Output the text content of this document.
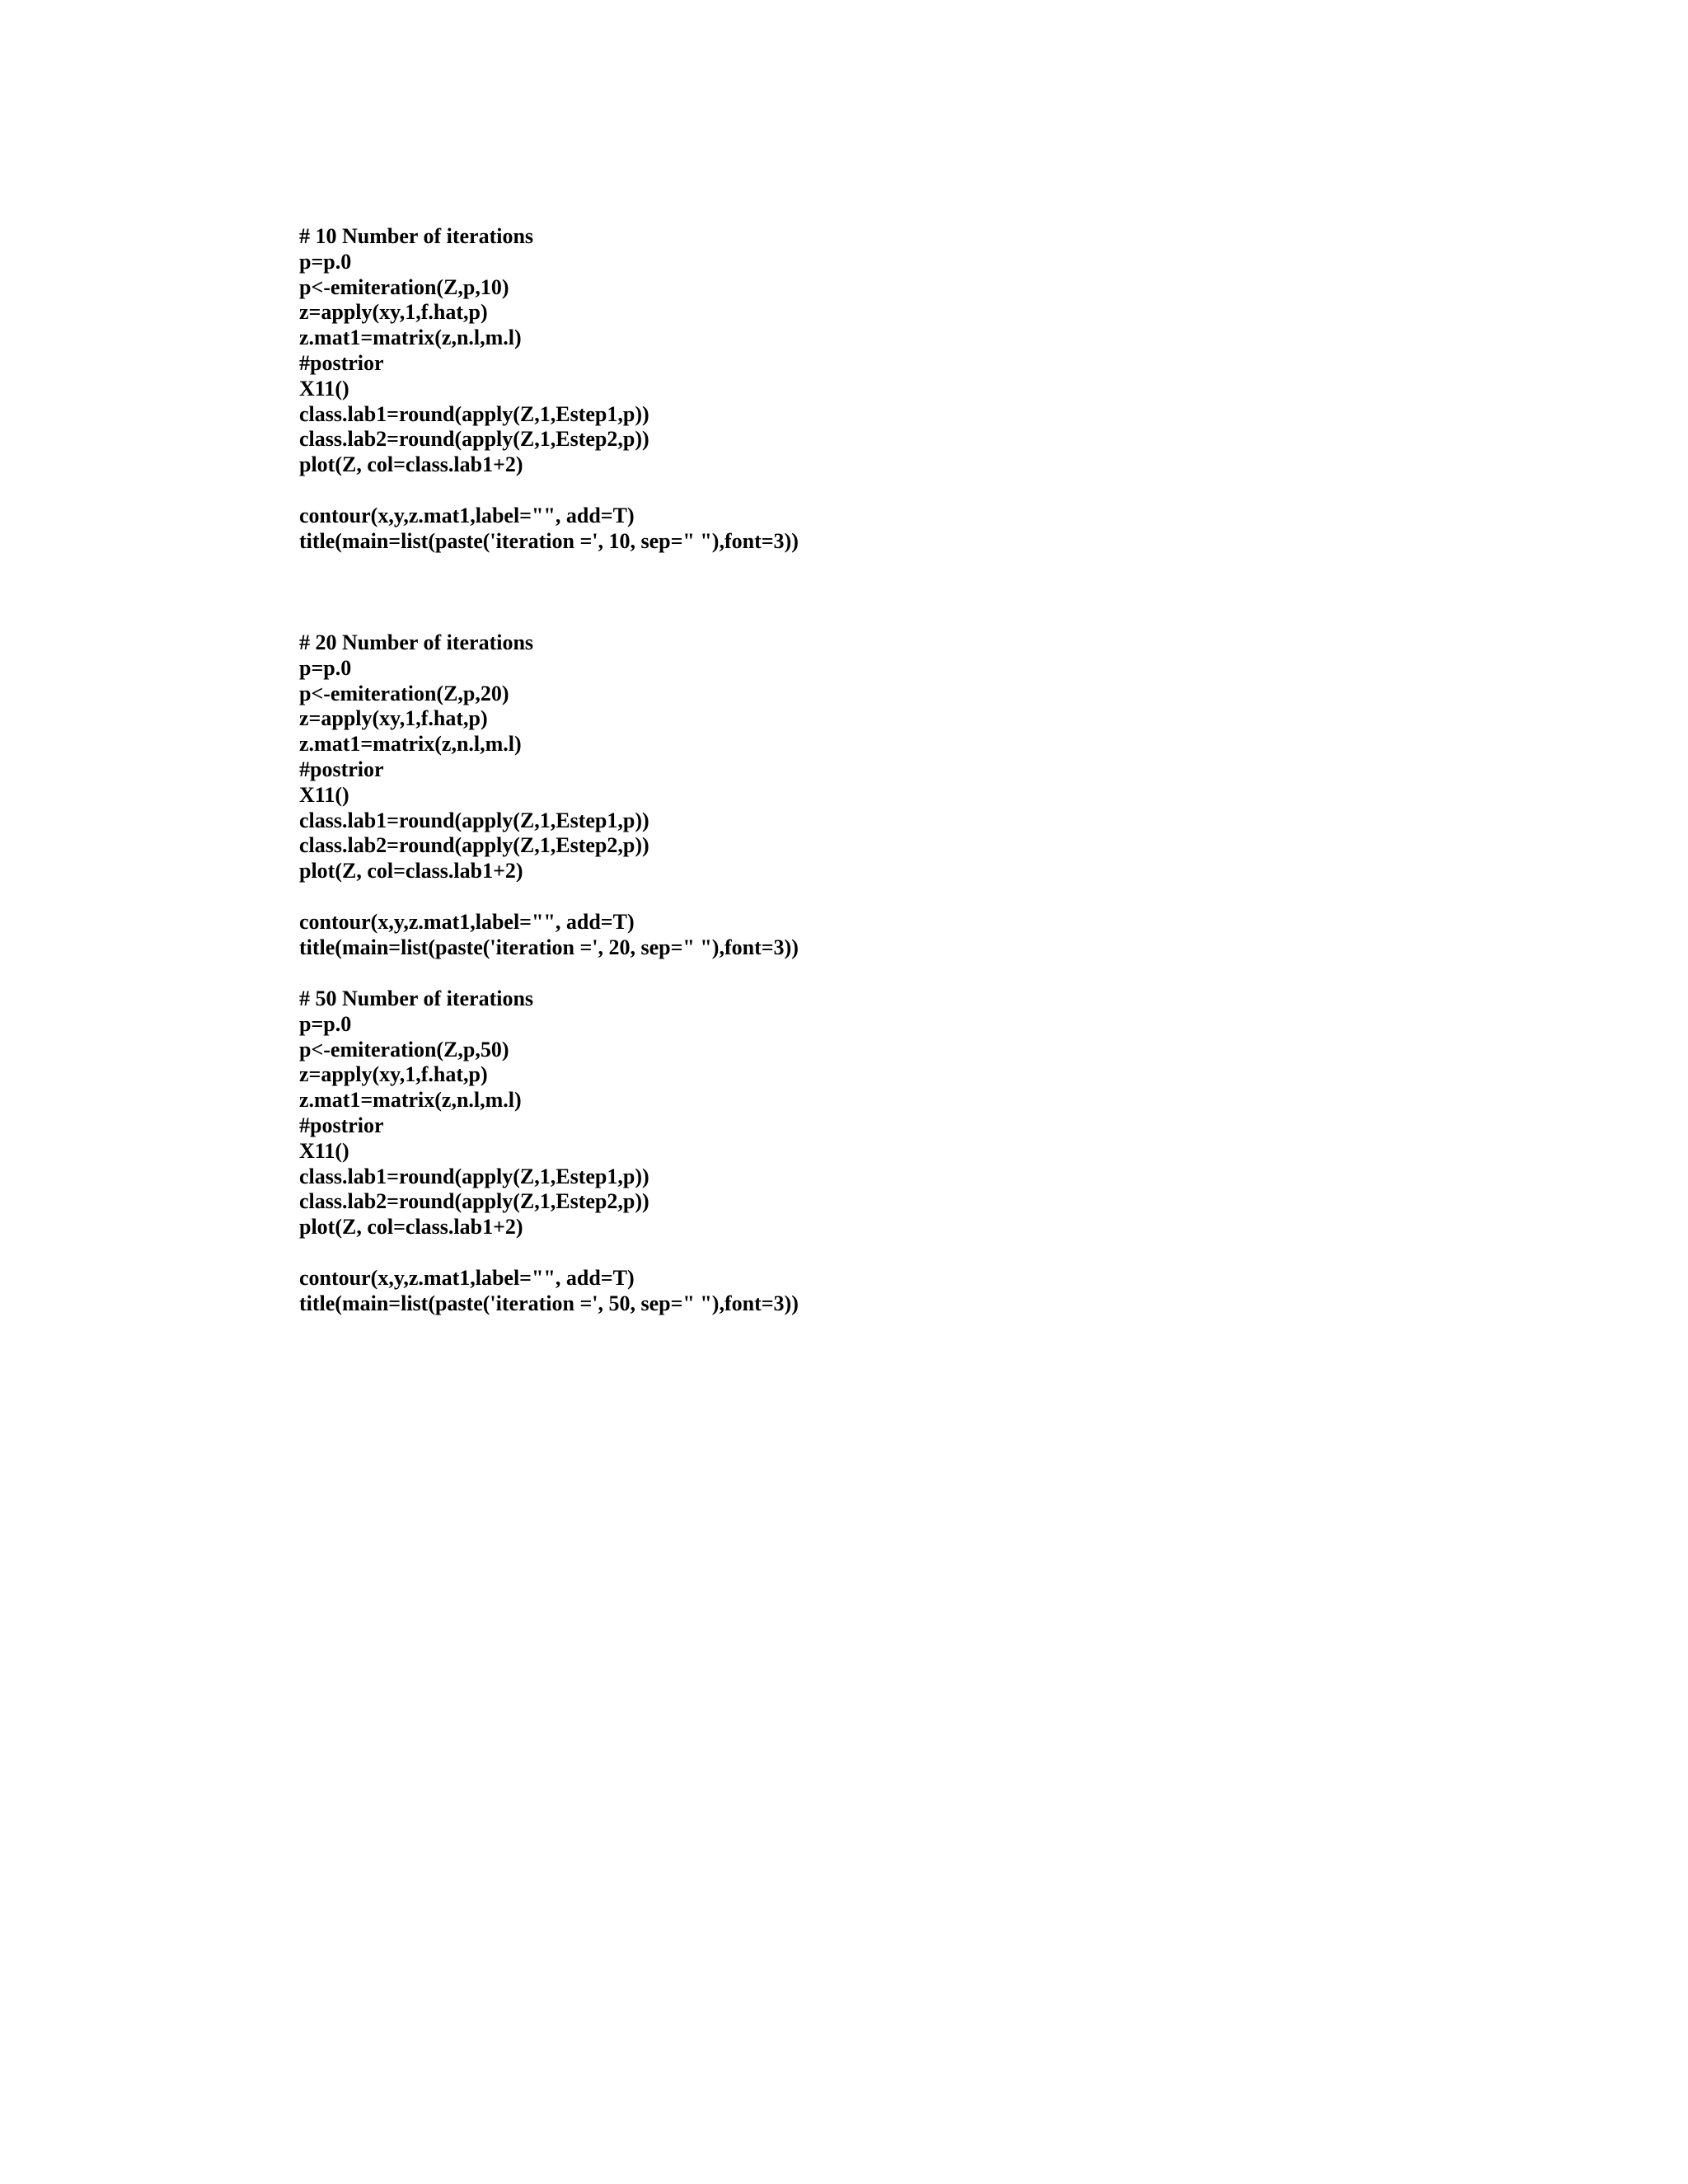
# 10 Number of iterations
p=p.0
p<-emiteration(Z,p,10)
z=apply(xy,1,f.hat,p)
z.mat1=matrix(z,n.l,m.l)
#postrior
X11()
class.lab1=round(apply(Z,1,Estep1,p))
class.lab2=round(apply(Z,1,Estep2,p))
plot(Z, col=class.lab1+2)
contour(x,y,z.mat1,label="", add=T)
title(main=list(paste('iteration =', 10, sep=" "),font=3))
# 20 Number of iterations
p=p.0
p<-emiteration(Z,p,20)
z=apply(xy,1,f.hat,p)
z.mat1=matrix(z,n.l,m.l)
#postrior
X11()
class.lab1=round(apply(Z,1,Estep1,p))
class.lab2=round(apply(Z,1,Estep2,p))
plot(Z, col=class.lab1+2)
contour(x,y,z.mat1,label="", add=T)
title(main=list(paste('iteration =', 20, sep=" "),font=3))
# 50 Number of iterations
p=p.0
p<-emiteration(Z,p,50)
z=apply(xy,1,f.hat,p)
z.mat1=matrix(z,n.l,m.l)
#postrior
X11()
class.lab1=round(apply(Z,1,Estep1,p))
class.lab2=round(apply(Z,1,Estep2,p))
plot(Z, col=class.lab1+2)
contour(x,y,z.mat1,label="", add=T)
title(main=list(paste('iteration =', 50, sep=" "),font=3))
